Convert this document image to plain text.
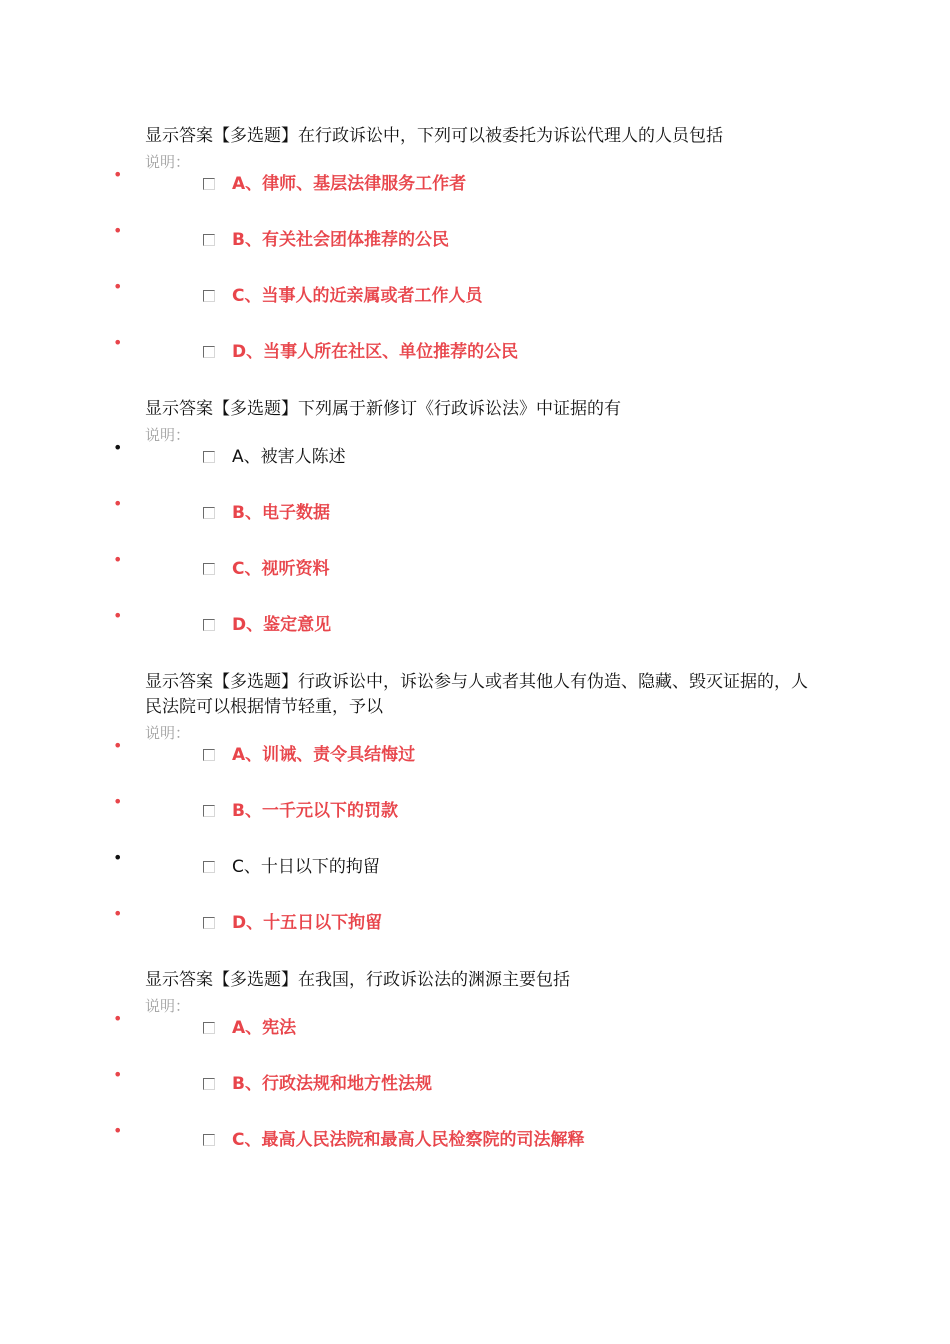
显示答案【多选题】在行政诉讼中，下列可以被委托为诉讼代理人的人员包括
说明：
•	A、律师、基层法律服务工作者
•	B、有关社会团体推荐的公民
•	C、当事人的近亲属或者工作人员
•	D、当事人所在社区、单位推荐的公民
显示答案【多选题】下列属于新修订《行政诉讼法》中证据的有
说明：
•	A、被害人陈述
•	B、电子数据
•	C、视听资料
•	D、鉴定意见
显示答案【多选题】行政诉讼中，诉讼参与人或者其他人有伪造、隐藏、毁灭证据的，人民法院可以根据情节轻重，予以
说明：
•	A、训诫、责令具结悔过
•	B、一千元以下的罚款
•	C、十日以下的拘留
•	D、十五日以下拘留
显示答案【多选题】在我国，行政诉讼法的渊源主要包括
说明：
•	A、宪法
•	B、行政法规和地方性法规
•	C、最高人民法院和最高人民检察院的司法解释
